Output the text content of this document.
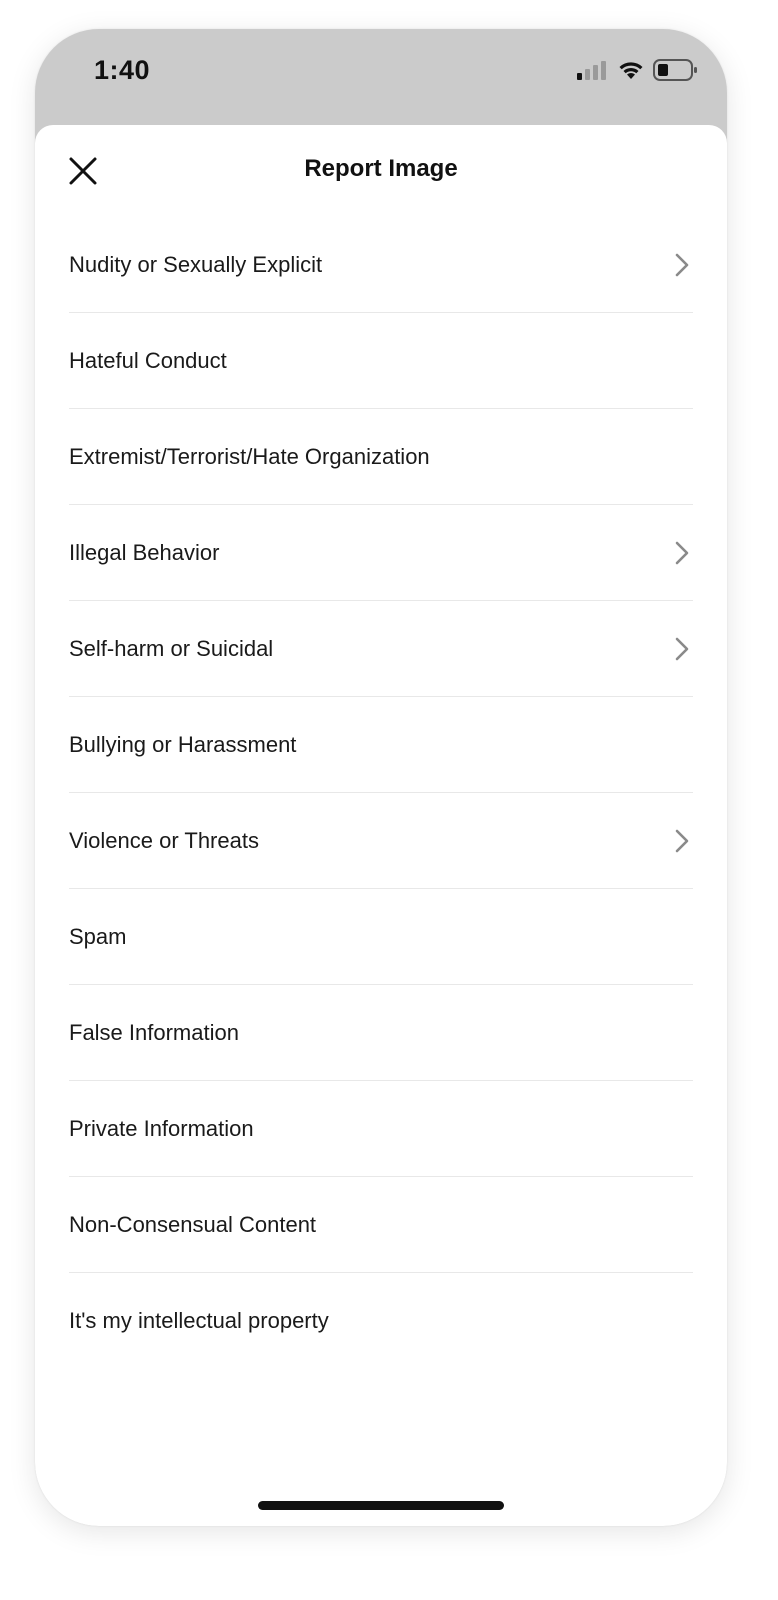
1:40
Report Image
Nudity or Sexually Explicit
Hateful Conduct
Extremist/Terrorist/Hate Organization
Illegal Behavior
Self-harm or Suicidal
Bullying or Harassment
Violence or Threats
Spam
False Information
Private Information
Non-Consensual Content
It's my intellectual property
